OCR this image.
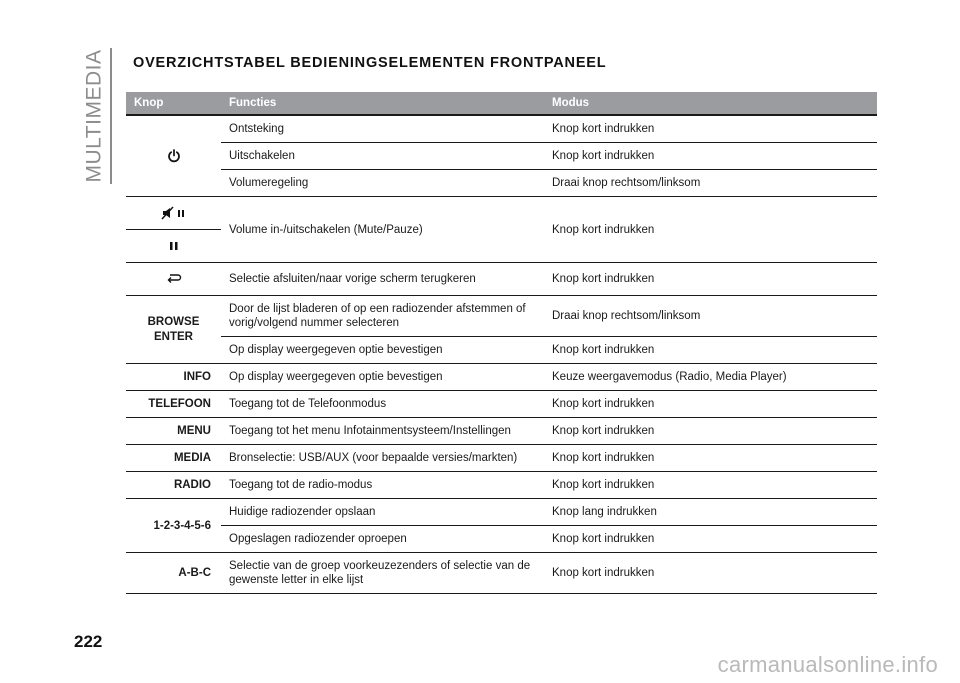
MULTIMEDIA OVERZICHTSTABEL BEDIENINGSELEMENTEN FRONTPANEEL
Knop	Functies	Modus
	Ontsteking	Knop kort indrukken
	Uitschakelen	Knop kort indrukken
	Volumeregeling	Draai knop rechtsom/linksom
	Volume in-/uitschakelen (Mute/Pauze)	Knop kort indrukken

	Selectie afsluiten/naar vorige scherm terugkeren	Knop kort indrukken
BROWSE ENTER	Door de lijst bladeren of op een radiozender afstemmen of vorig/volgend nummer selecteren	Draai knop rechtsom/linksom
	Op display weergegeven optie bevestigen	Knop kort indrukken
INFO	Op display weergegeven optie bevestigen	Keuze weergavemodus (Radio, Media Player)
TELEFOON	Toegang tot de Telefoonmodus	Knop kort indrukken
MENU	Toegang tot het menu Infotainmentsysteem/Instellingen	Knop kort indrukken
MEDIA	Bronselectie: USB/AUX (voor bepaalde versies/markten)	Knop kort indrukken
RADIO	Toegang tot de radio-modus	Knop kort indrukken
1-2-3-4-5-6	Huidige radiozender opslaan	Knop lang indrukken
	Opgeslagen radiozender oproepen	Knop kort indrukken
A-B-C	Selectie van de groep voorkeuzezenders of selectie van de gewenste letter in elke lijst	Knop kort indrukken
222
carmanualsonline.info
